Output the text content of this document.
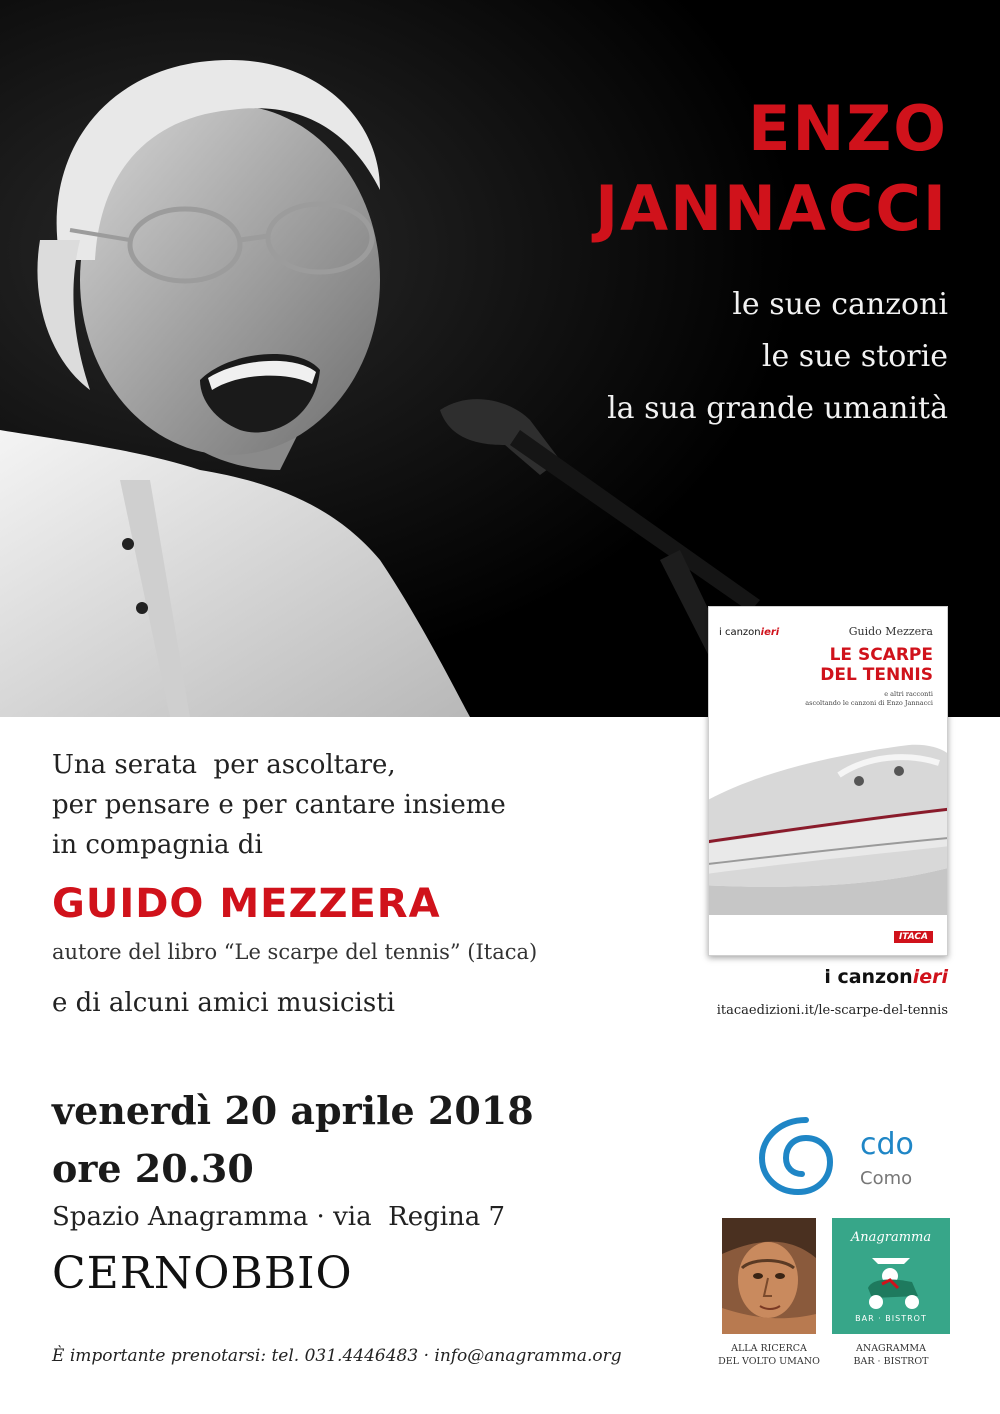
ENZO
JANNACCI
le sue canzoni
le sue storie
la sua grande umanità
Una serata  per ascoltare,
per pensare e per cantare insieme
in compagnia di
GUIDO MEZZERA
autore del libro “Le scarpe del tennis” (Itaca)
e di alcuni amici musicisti
venerdì 20 aprile 2018
ore 20.30
Spazio Anagramma · via  Regina 7
CERNOBBIO
È importante prenotarsi: tel. 031.4446483 · info@anagramma.org
i canzonieri	Guido Mezzera
LE SCARPE
DEL TENNIS
e altri racconti
ascoltando le canzoni di Enzo Jannacci
ITACA
i canzonieri
itacaedizioni.it/le-scarpe-del-tennis
cdo
Como
ALLA RICERCA
DEL VOLTO UMANO
Anagramma
BAR · BISTROT
ANAGRAMMA
BAR · BISTROT
